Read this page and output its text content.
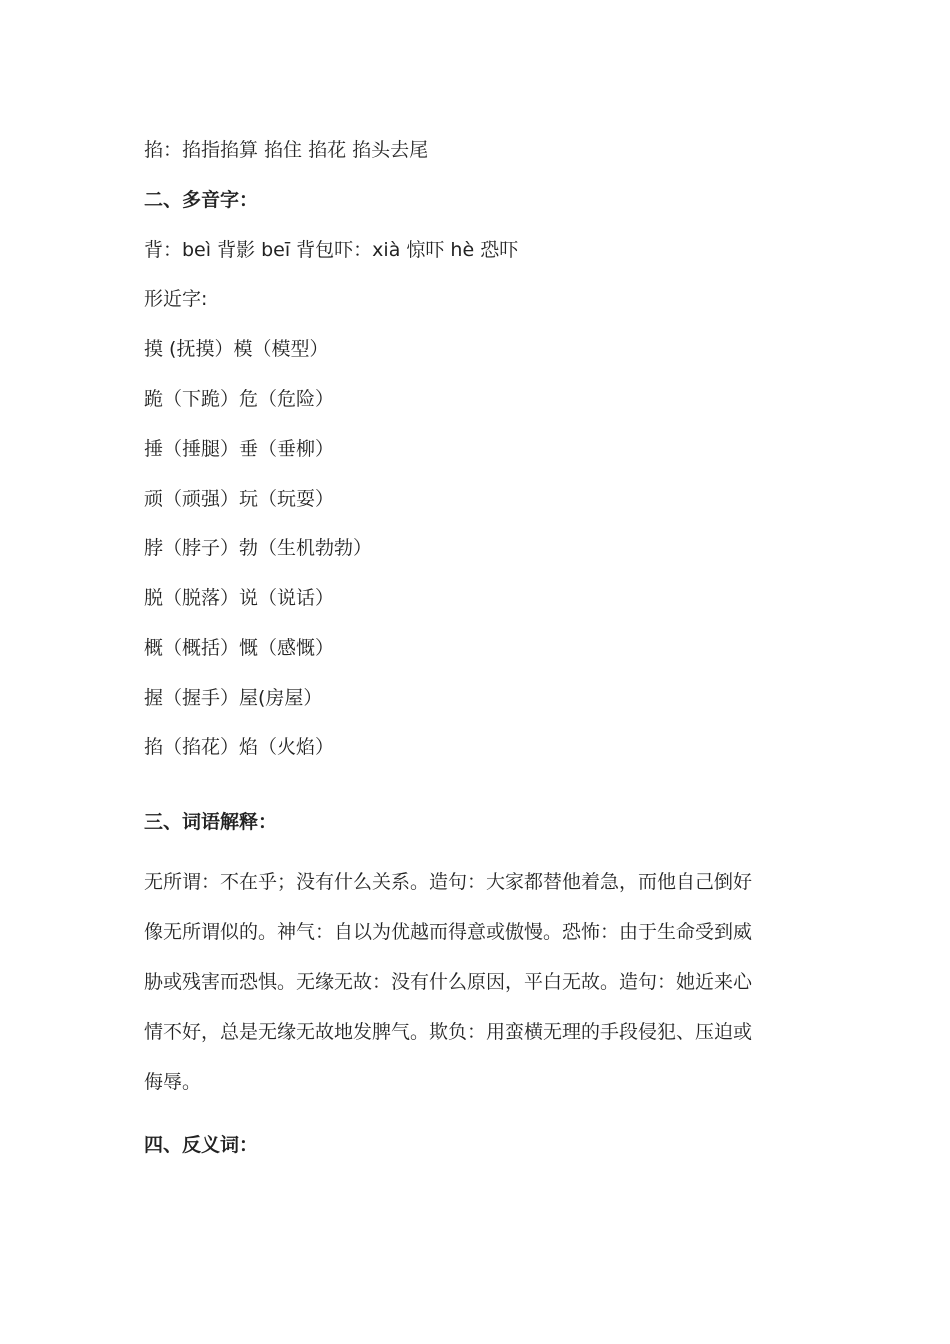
掐：掐指掐算 掐住 掐花 掐头去尾
二、多音字：
背：beì 背影 beī 背包吓：xià 惊吓 hè 恐吓
形近字:
摸 (抚摸）模（模型）
跪（下跪）危（危险）
捶（捶腿）垂（垂柳）
顽（顽强）玩（玩耍）
脖（脖子）勃（生机勃勃）
脱（脱落）说（说话）
概（概括）慨（感慨）
握（握手）屋(房屋）
掐（掐花）焰（火焰）
三、词语解释：
无所谓：不在乎；没有什么关系。造句：大家都替他着急，而他自己倒好
像无所谓似的。神气：自以为优越而得意或傲慢。恐怖：由于生命受到威
胁或残害而恐惧。无缘无故：没有什么原因，平白无故。造句：她近来心
情不好，总是无缘无故地发脾气。欺负：用蛮横无理的手段侵犯、压迫或
侮辱。
四、反义词：
